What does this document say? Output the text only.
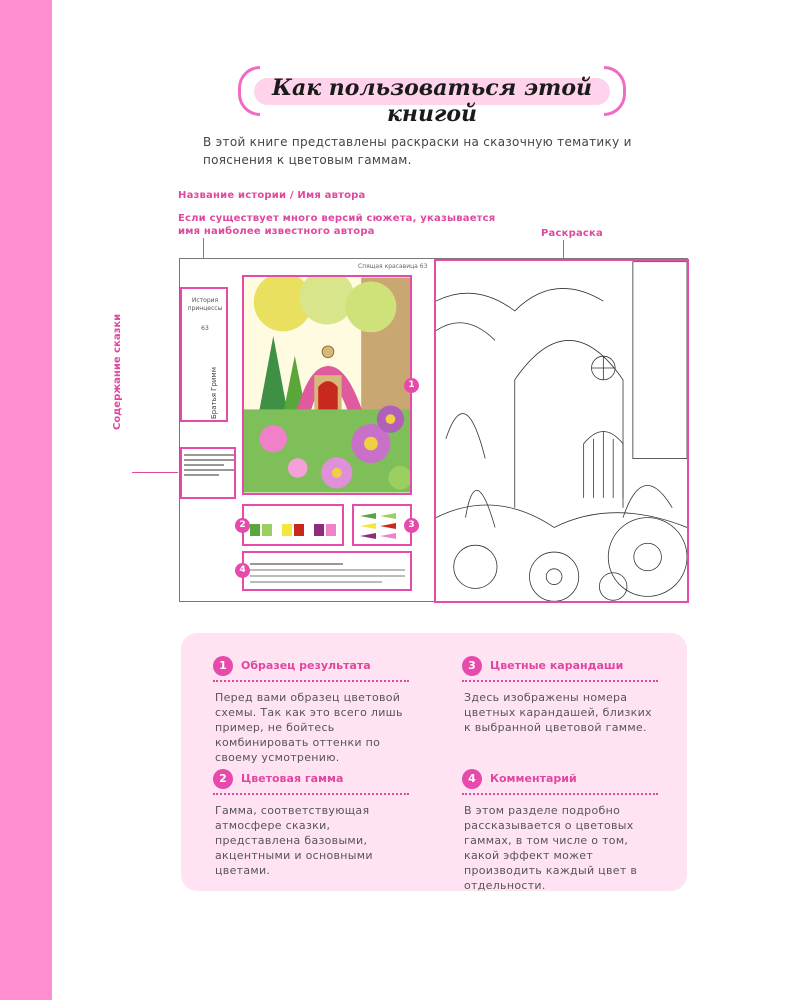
Как пользоваться этой книгой
В этой книге представлены раскраски на сказочную тематику и пояснения к цветовым гаммам.
Название истории / Имя автора
Если существует много версий сюжета, указывается
имя наиболее известного автора	Раскраска
Содержание сказки
Спящая красавица 63
История принцессы
63
Братья Гримм	1
2	3
4
1	Образец результата
Перед вами образец цветовой схемы. Так как это всего лишь пример, не бойтесь комбинировать оттенки по своему усмотрению.
2	Цветовая гамма
Гамма, соответствующая атмосфере сказки, представлена базовыми, акцентными и основными цветами.
3	Цветные карандаши
Здесь изображены номера цветных карандашей, близких к выбранной цветовой гамме.
4	Комментарий
В этом разделе подробно рассказывается о цветовых гаммах, в том числе о том, какой эффект может производить каждый цвет в отдельности.
